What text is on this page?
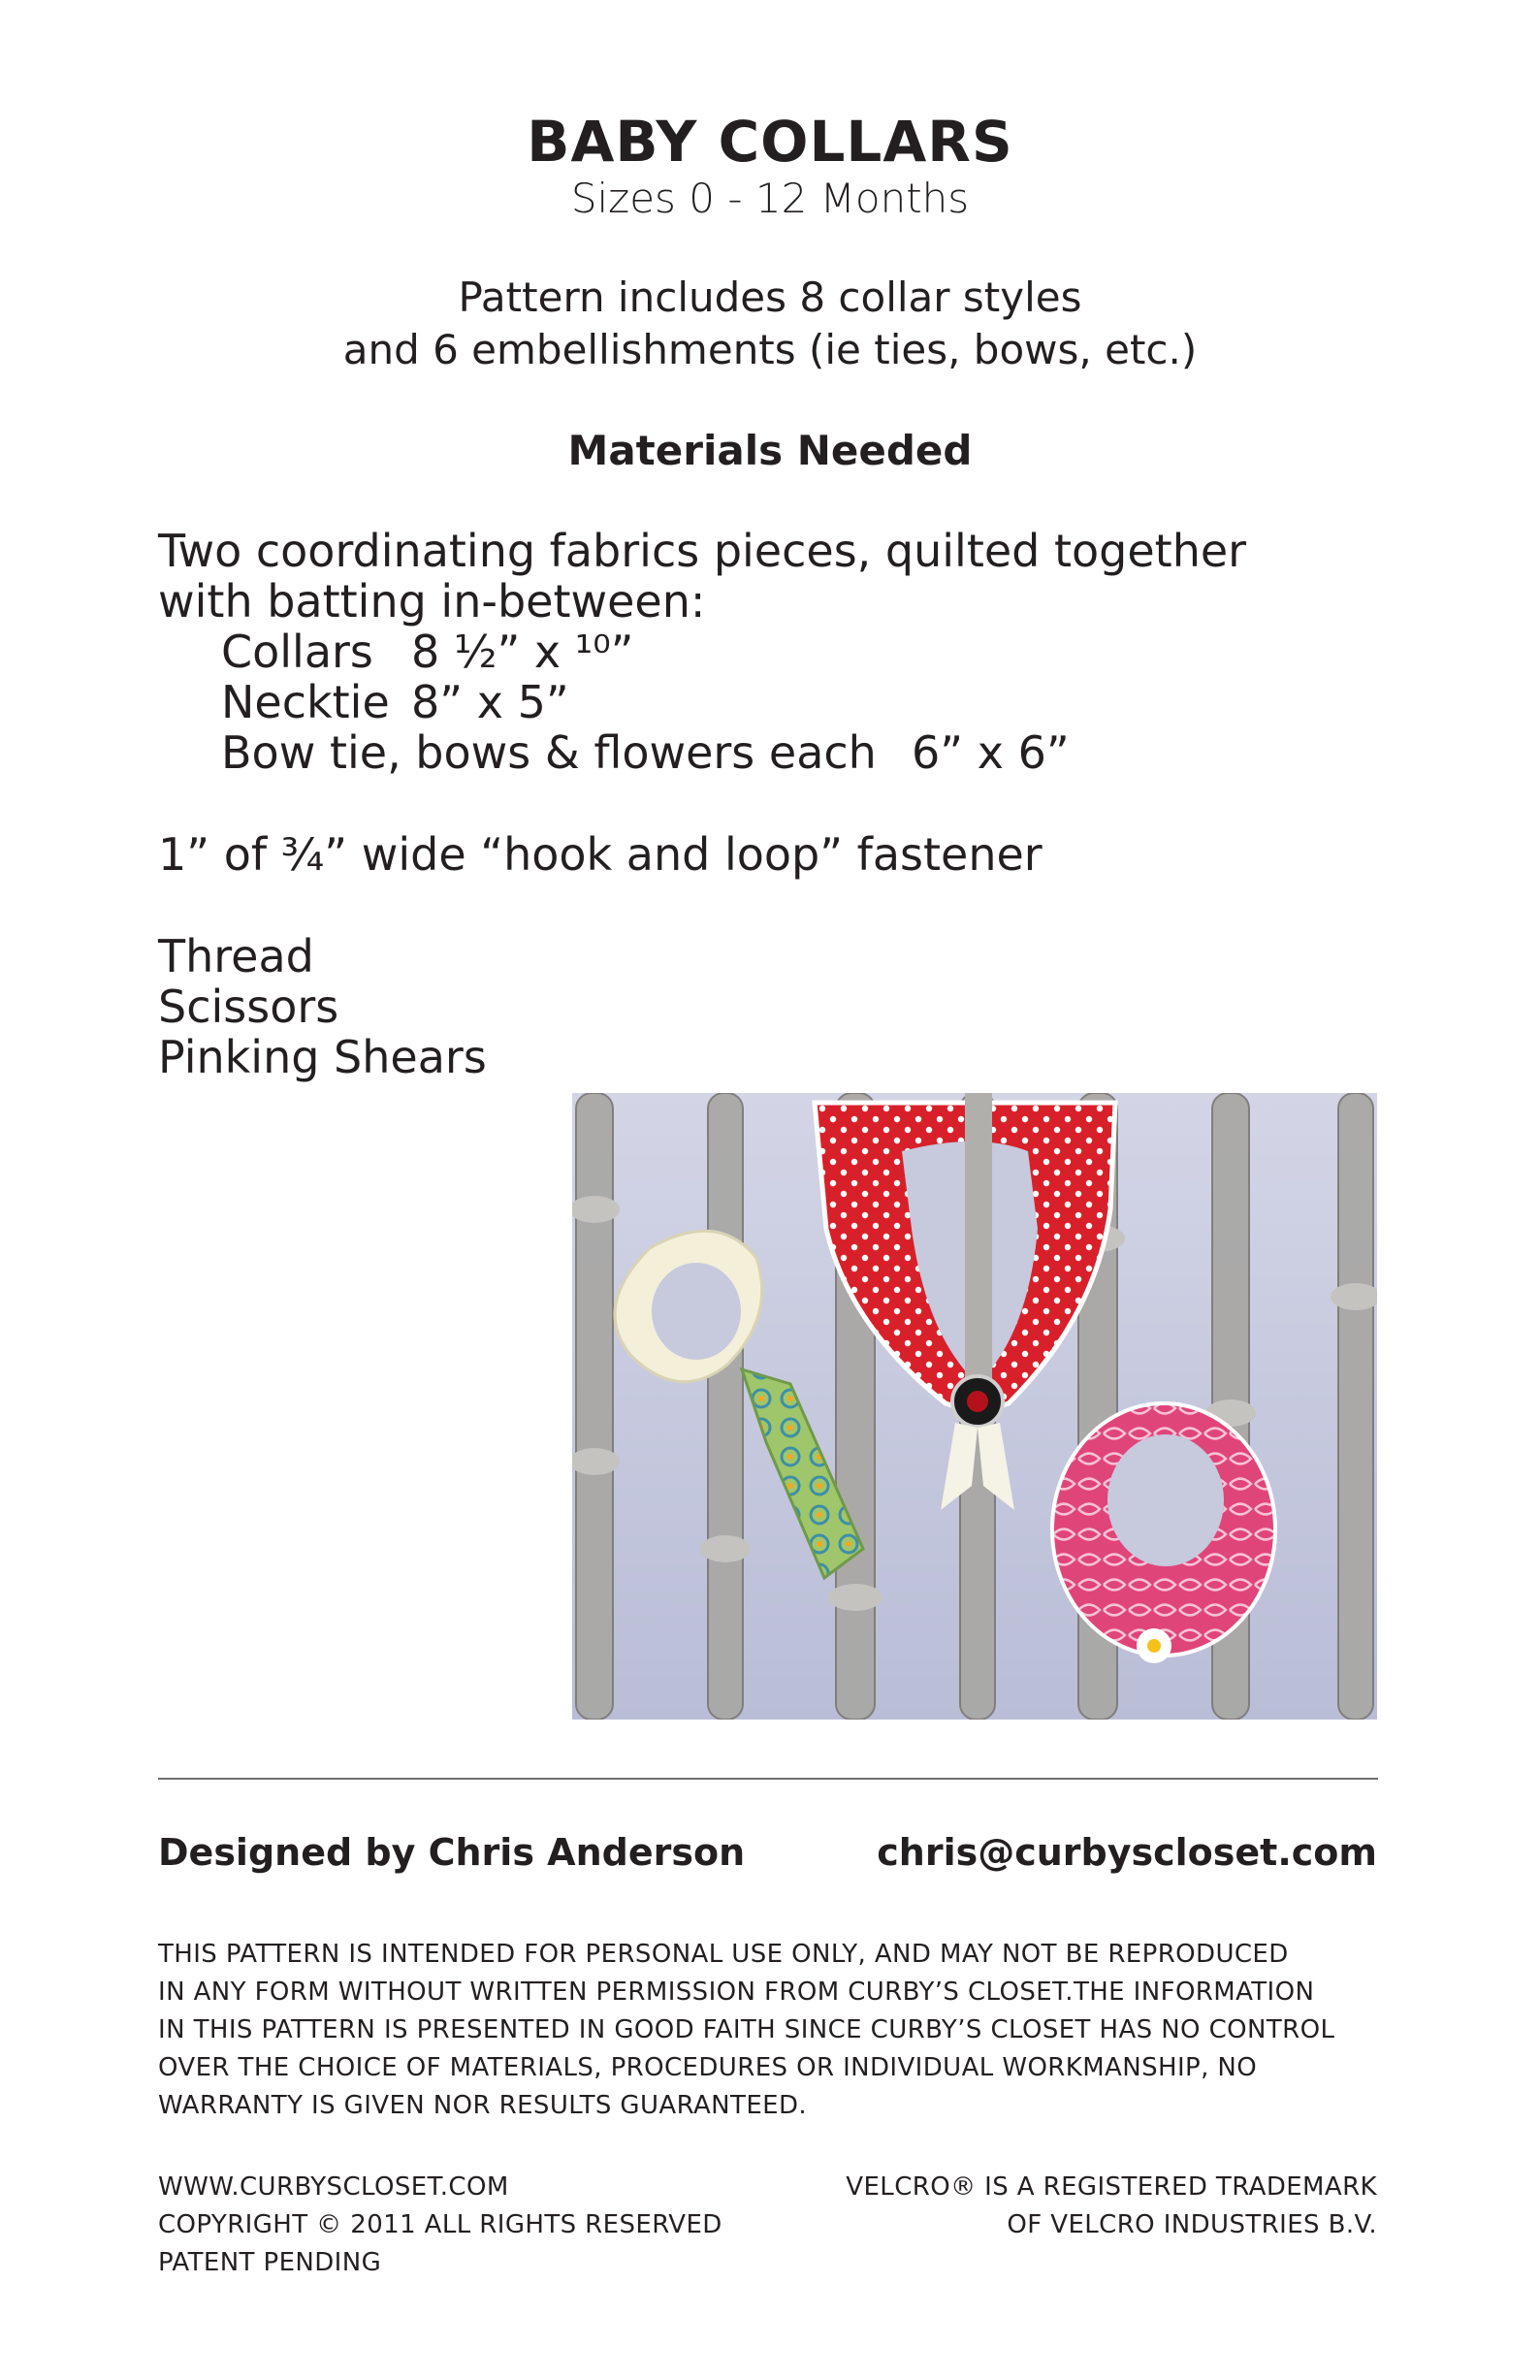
BABY COLLARS
Sizes 0 - 12 Months
Pattern includes 8 collar styles
and 6 embellishments (ie ties, bows, etc.)
Materials Needed
Two coordinating fabrics pieces, quilted together
with batting in-between:
Collars 8 ½” x ¹⁰”
Necktie 8” x 5”
Bow tie, bows & flowers each 6” x 6”
1” of ¾” wide “hook and loop” fastener
Thread
Scissors
Pinking Shears
Designed by Chris Anderson	chris@curbyscloset.com
THIS PATTERN IS INTENDED FOR PERSONAL USE ONLY, AND MAY NOT BE REPRODUCED
IN ANY FORM WITHOUT WRITTEN PERMISSION FROM CURBY’S CLOSET.THE INFORMATION
IN THIS PATTERN IS PRESENTED IN GOOD FAITH SINCE CURBY’S CLOSET HAS NO CONTROL
OVER THE CHOICE OF MATERIALS, PROCEDURES OR INDIVIDUAL WORKMANSHIP, NO
WARRANTY IS GIVEN NOR RESULTS GUARANTEED.
WWW.CURBYSCLOSET.COM
COPYRIGHT © 2011 ALL RIGHTS RESERVED
PATENT PENDING
VELCRO® IS A REGISTERED TRADEMARK
OF VELCRO INDUSTRIES B.V.
